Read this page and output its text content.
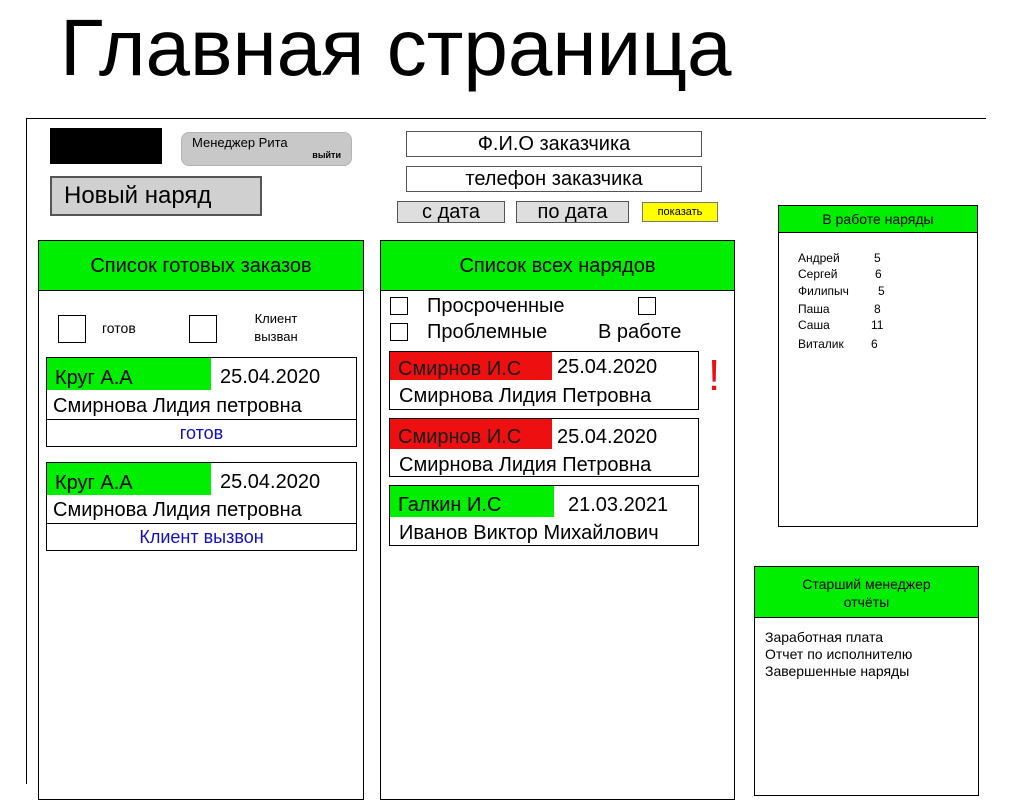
Главная страница
Менеджер Рита
выйти
Новый наряд
Ф.И.О заказчика
телефон заказчика
с дата	по дата	показать
Список готовых заказов
готов
Клиент
вызван
Круг А.А	25.04.2020
Смирнова Лидия петровна
готов
Круг А.А	25.04.2020
Смирнова Лидия петровна
Клиент вызвон
Список всех нарядов
Просроченные
Проблемные	В работе
Смирнов И.С	25.04.2020
Смирнова Лидия Петровна !
Смирнов И.С	25.04.2020
Смирнова Лидия Петровна
Галкин И.С	21.03.2021
Иванов Виктор Михайлович
В работе наряды
Андрей	5
Сергей	6
Филипыч 5
Паша	8
Саша	11
Виталик 6
Старший менеджер
отчёты
Заработная плата
Отчет по исполнителю
Завершенные наряды
